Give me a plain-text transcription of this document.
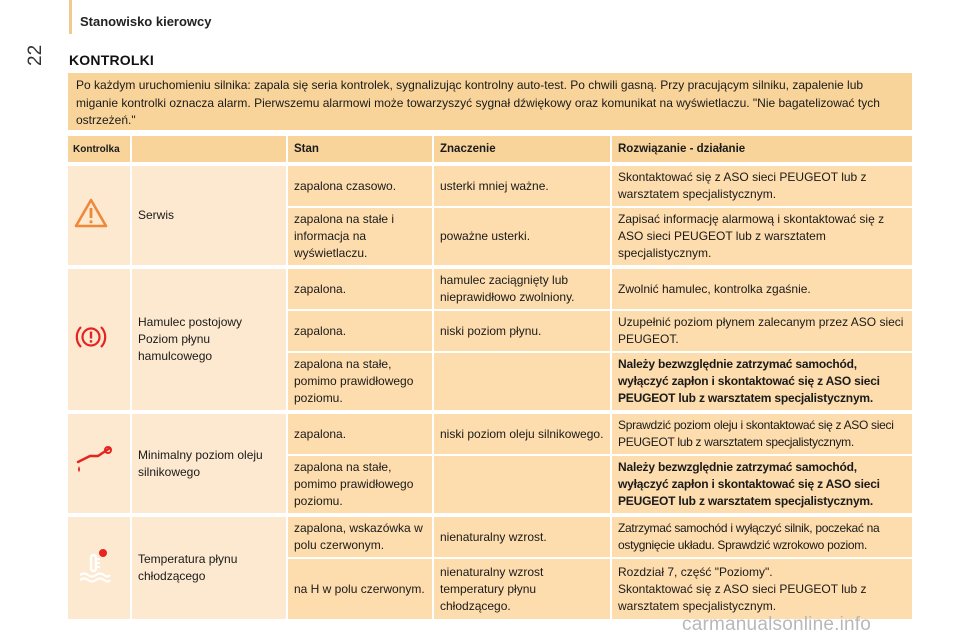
Stanowisko kierowcy
22 KONTROLKI
Po każdym uruchomieniu silnika: zapala się seria kontrolek, sygnalizując kontrolny auto-test. Po chwili gasną. Przy pracującym silniku, zapalenie lub miganie kontrolki oznacza alarm. Pierwszemu alarmowi może towarzyszyć sygnał dźwiękowy oraz komunikat na wyświetlaczu. "Nie bagatelizować tych ostrzeżeń."
Kontrolka		Stan	Znaczenie	Rozwiązanie - działanie
	Serwis	zapalona czasowo.	usterki mniej ważne.	Skontaktować się z ASO sieci PEUGEOT lub z warsztatem specjalistycznym.
		zapalona na stałe i informacja na wyświetlaczu.	poważne usterki.	Zapisać informację alarmową i skontaktować się z ASO sieci PEUGEOT lub z warsztatem specjalistycznym.
	Hamulec postojowy Poziom płynu hamulcowego	zapalona.	hamulec zaciągnięty lub nieprawidłowo zwolniony.	Zwolnić hamulec, kontrolka zgaśnie.
		zapalona.	niski poziom płynu.	Uzupełnić poziom płynem zalecanym przez ASO sieci PEUGEOT.
		zapalona na stałe, pomimo prawidłowego poziomu.		Należy bezwzględnie zatrzymać samochód, wyłączyć zapłon i skontaktować się z ASO sieci PEUGEOT lub z warsztatem specjalistycznym.
	Minimalny poziom oleju silnikowego	zapalona.	niski poziom oleju silnikowego.	Sprawdzić poziom oleju i skontaktować się z ASO sieci PEUGEOT lub z warsztatem specjalistycznym.
		zapalona na stałe, pomimo prawidłowego poziomu.		Należy bezwzględnie zatrzymać samochód, wyłączyć zapłon i skontaktować się z ASO sieci PEUGEOT lub z warsztatem specjalistycznym.
	Temperatura płynu chłodzącego	zapalona, wskazówka w polu czerwonym.	nienaturalny wzrost.	Zatrzymać samochód i wyłączyć silnik, poczekać na ostygnięcie układu. Sprawdzić wzrokowo poziom.
		na H w polu czerwonym.	nienaturalny wzrost temperatury płynu chłodzącego.	Rozdział 7, część "Poziomy".
Skontaktować się z ASO sieci PEUGEOT lub z warsztatem specjalistycznym.
carmanualsonline.info
